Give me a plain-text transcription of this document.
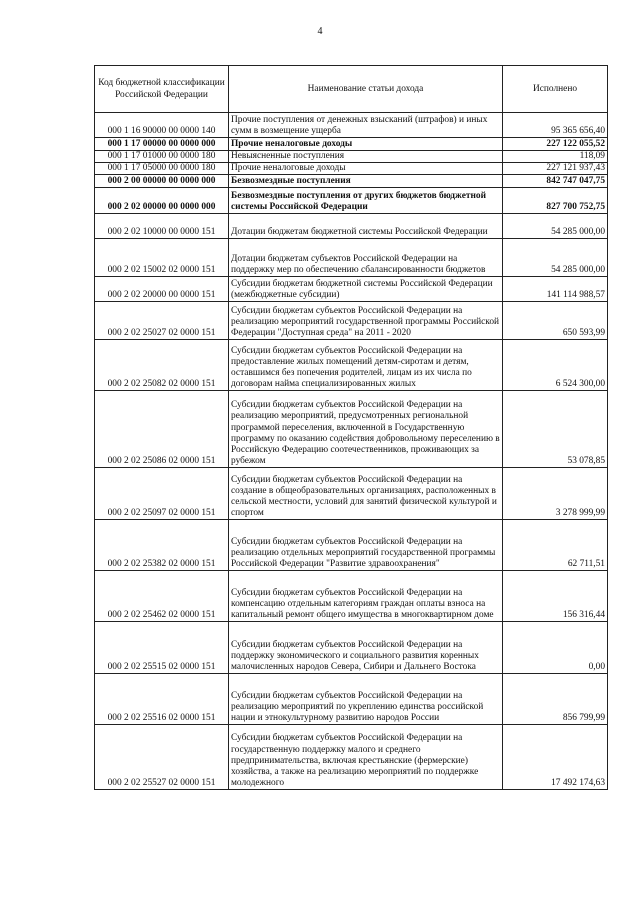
4
Код бюджетной классификации Российской Федерации	Наименование статьи дохода	Исполнено
000 1 16 90000 00 0000 140	Прочие поступления от денежных взысканий (штрафов) и иных сумм в возмещение ущерба	95 365 656,40
000 1 17 00000 00 0000 000	Прочие неналоговые доходы	227 122 055,52
000 1 17 01000 00 0000 180	Невыясненные поступления	118,09
000 1 17 05000 00 0000 180	Прочие неналоговые доходы	227 121 937,43
000 2 00 00000 00 0000 000	Безвозмездные поступления	842 747 047,75
000 2 02 00000 00 0000 000	Безвозмездные поступления от других бюджетов бюджетной системы Российской Федерации	827 700 752,75
000 2 02 10000 00 0000 151	Дотации бюджетам бюджетной системы Российской Федерации	54 285 000,00
000 2 02 15002 02 0000 151	Дотации бюджетам субъектов Российской Федерации на поддержку мер по обеспечению сбалансированности бюджетов	54 285 000,00
000 2 02 20000 00 0000 151	Субсидии бюджетам бюджетной системы Российской Федерации (межбюджетные субсидии)	141 114 988,57
000 2 02 25027 02 0000 151	Субсидии бюджетам субъектов Российской Федерации на реализацию мероприятий государственной программы Российской Федерации "Доступная среда" на 2011 - 2020	650 593,99
000 2 02 25082 02 0000 151	Субсидии бюджетам субъектов Российской Федерации на предоставление жилых помещений детям-сиротам и детям, оставшимся без попечения родителей, лицам из их числа по договорам найма специализированных жилых	6 524 300,00
000 2 02 25086 02 0000 151	Субсидии бюджетам субъектов Российской Федерации на реализацию мероприятий, предусмотренных региональной программой переселения, включенной в Государственную программу по оказанию содействия добровольному переселению в Российскую Федерацию соотечественников, проживающих за рубежом	53 078,85
000 2 02 25097 02 0000 151	Субсидии бюджетам субъектов Российской Федерации на создание в общеобразовательных организациях, расположенных в сельской местности, условий для занятий физической культурой и спортом	3 278 999,99
000 2 02 25382 02 0000 151	Субсидии бюджетам субъектов Российской Федерации на реализацию отдельных мероприятий государственной программы Российской Федерации "Развитие здравоохранения"	62 711,51
000 2 02 25462 02 0000 151	Субсидии бюджетам субъектов Российской Федерации на компенсацию отдельным категориям граждан оплаты взноса на капитальный ремонт общего имущества в многоквартирном доме	156 316,44
000 2 02 25515 02 0000 151	Субсидии бюджетам субъектов Российской Федерации на поддержку экономического и социального развития коренных малочисленных народов Севера, Сибири и Дальнего Востока	0,00
000 2 02 25516 02 0000 151	Субсидии бюджетам субъектов Российской Федерации на реализацию мероприятий по укреплению единства российской нации и этнокультурному развитию народов России	856 799,99
000 2 02 25527 02 0000 151	Субсидии бюджетам субъектов Российской Федерации на государственную поддержку малого и среднего предпринимательства, включая крестьянские (фермерские) хозяйства, а также на реализацию мероприятий по поддержке молодежного	17 492 174,63
